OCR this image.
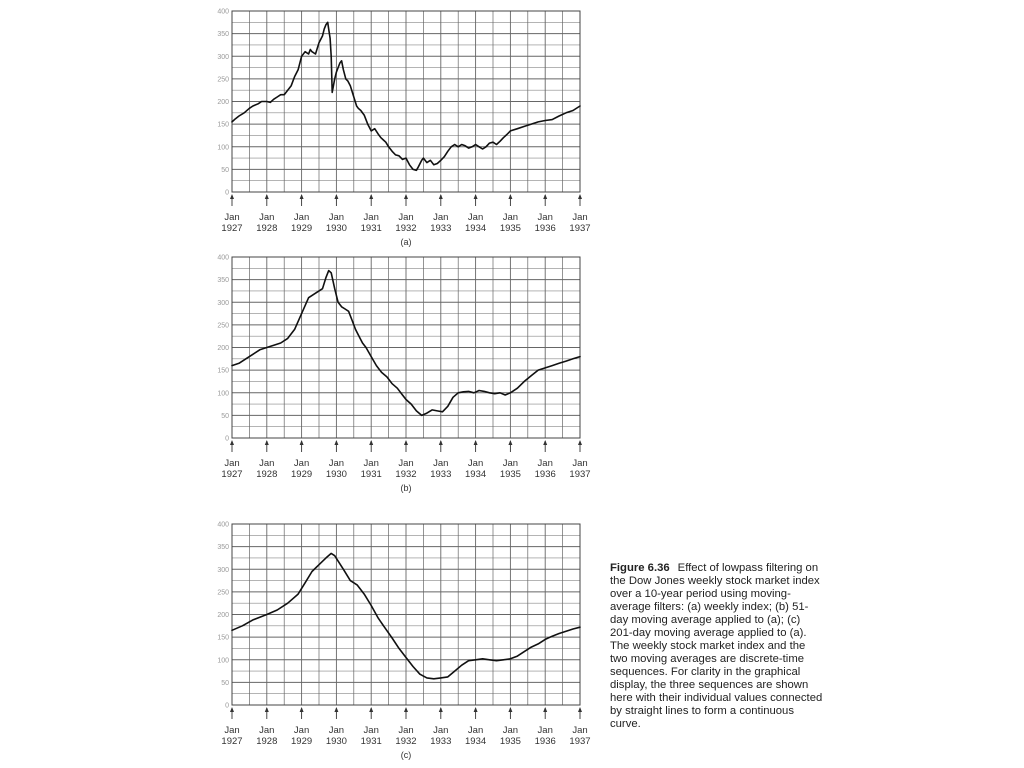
400
350
300
250
200
150
100
50
0
Jan
1927
Jan
1928
Jan
1929
Jan
1930
Jan
1931
Jan
1932
Jan
1933
Jan
1934
Jan
1935
Jan
1936
Jan
1937
(a)
400
350
300
250
200
150
100
50
0
Jan
1927
Jan
1928
Jan
1929
Jan
1930
Jan
1931
Jan
1932
Jan
1933
Jan
1934
Jan
1935
Jan
1936
Jan
1937
(b)
400
350
300
250
200
150
100
50
0
Jan
1927
Jan
1928
Jan
1929
Jan
1930
Jan
1931
Jan
1932
Jan
1933
Jan
1934
Jan
1935
Jan
1936
Jan
1937
(c)
Figure 6.36 Effect of lowpass filtering on the Dow Jones weekly stock market index over a 10-year period using moving-average filters: (a) weekly index; (b) 51-day moving average applied to (a); (c) 201-day moving average applied to (a). The weekly stock market index and the two moving averages are discrete-time sequences. For clarity in the graphical display, the three sequences are shown here with their individual values connected by straight lines to form a continuous curve.
